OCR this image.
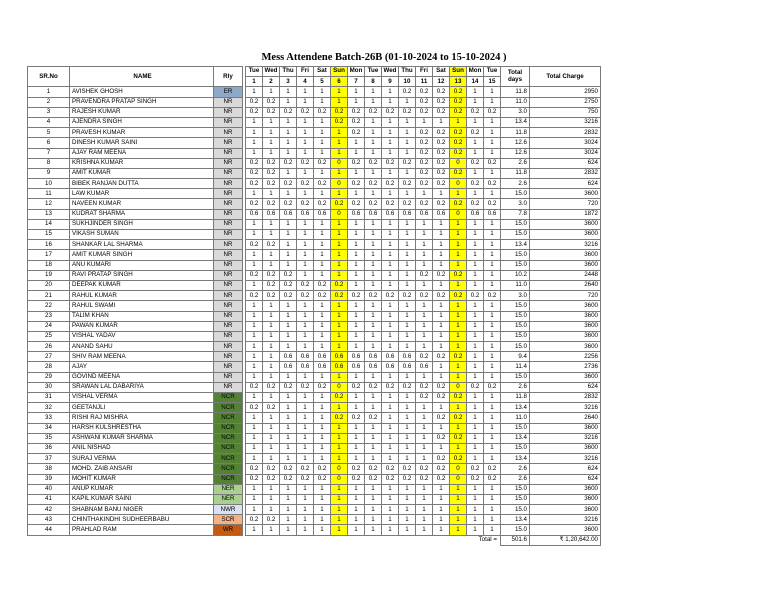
Mess Attendene Batch-26B (01-10-2024 to 15-10-2024 )
SR.No	NAME	Rly		Tue	Wed	Thu	Fri	Sat	Sun	Mon	Tue	Wed	Thu	Fri	Sat	Sun	Mon	Tue	Total days	Total Charge
				1	2	3	4	5	6	7	8	9	10	11	12	13	14	15		
1	AVISHEK GHOSH	ER		1	1	1	1	1	1	1	1	1	0.2	0.2	0.2	0.2	1	1	11.8	2950
2	PRAVENDRA PRATAP SINGH	NR		0.2	0.2	1	1	1	1	1	1	1	1	0.2	0.2	0.2	1	1	11.0	2750
3	RAJESH KUMAR	NR		0.2	0.2	0.2	0.2	0.2	0.2	0.2	0.2	0.2	0.2	0.2	0.2	0.2	0.2	0.2	3.0	750
4	AJENDRA SINGH	NR		1	1	1	1	1	0.2	0.2	1	1	1	1	1	1	1	1	13.4	3216
5	PRAVESH KUMAR	NR		1	1	1	1	1	1	0.2	1	1	1	0.2	0.2	0.2	0.2	1	11.8	2832
6	DINESH KUMAR SAINI	NR		1	1	1	1	1	1	1	1	1	1	0.2	0.2	0.2	1	1	12.6	3024
7	AJAY RAM MEENA	NR		1	1	1	1	1	1	1	1	1	1	0.2	0.2	0.2	1	1	12.6	3024
8	KRISHNA KUMAR	NR		0.2	0.2	0.2	0.2	0.2	0	0.2	0.2	0.2	0.2	0.2	0.2	0	0.2	0.2	2.6	624
9	AMIT KUMAR	NR		0.2	0.2	1	1	1	1	1	1	1	1	0.2	0.2	0.2	1	1	11.8	2832
10	BIBEK RANJAN DUTTA	NR		0.2	0.2	0.2	0.2	0.2	0	0.2	0.2	0.2	0.2	0.2	0.2	0	0.2	0.2	2.6	624
11	LAW KUMAR	NR		1	1	1	1	1	1	1	1	1	1	1	1	1	1	1	15.0	3600
12	NAVEEN KUMAR	NR		0.2	0.2	0.2	0.2	0.2	0.2	0.2	0.2	0.2	0.2	0.2	0.2	0.2	0.2	0.2	3.0	720
13	KUDRAT SHARMA	NR		0.6	0.6	0.6	0.6	0.6	0	0.6	0.6	0.6	0.6	0.6	0.6	0	0.6	0.6	7.8	1872
14	SUKHJINDER SINGH	NR		1	1	1	1	1	1	1	1	1	1	1	1	1	1	1	15.0	3600
15	VIKASH SUMAN	NR		1	1	1	1	1	1	1	1	1	1	1	1	1	1	1	15.0	3600
16	SHANKAR LAL SHARMA	NR		0.2	0.2	1	1	1	1	1	1	1	1	1	1	1	1	1	13.4	3216
17	AMIT KUMAR SINGH	NR		1	1	1	1	1	1	1	1	1	1	1	1	1	1	1	15.0	3600
18	ANU KUMARI	NR		1	1	1	1	1	1	1	1	1	1	1	1	1	1	1	15.0	3600
19	RAVI PRATAP SINGH	NR		0.2	0.2	0.2	1	1	1	1	1	1	1	0.2	0.2	0.2	1	1	10.2	2448
20	DEEPAK KUMAR	NR		1	0.2	0.2	0.2	0.2	0.2	1	1	1	1	1	1	1	1	1	11.0	2640
21	RAHUL KUMAR	NR		0.2	0.2	0.2	0.2	0.2	0.2	0.2	0.2	0.2	0.2	0.2	0.2	0.2	0.2	0.2	3.0	720
22	RAHUL SWAMI	NR		1	1	1	1	1	1	1	1	1	1	1	1	1	1	1	15.0	3600
23	TALIM KHAN	NR		1	1	1	1	1	1	1	1	1	1	1	1	1	1	1	15.0	3600
24	PAWAN KUMAR	NR		1	1	1	1	1	1	1	1	1	1	1	1	1	1	1	15.0	3600
25	VISHAL YADAV	NR		1	1	1	1	1	1	1	1	1	1	1	1	1	1	1	15.0	3600
26	ANAND SAHU	NR		1	1	1	1	1	1	1	1	1	1	1	1	1	1	1	15.0	3600
27	SHIV RAM MEENA	NR		1	1	0.6	0.6	0.6	0.6	0.6	0.6	0.6	0.6	0.2	0.2	0.2	1	1	9.4	2256
28	AJAY	NR		1	1	0.6	0.6	0.6	0.6	0.6	0.6	0.6	0.6	0.6	1	1	1	1	11.4	2736
29	GOVIND MEENA	NR		1	1	1	1	1	1	1	1	1	1	1	1	1	1	1	15.0	3600
30	SRAWAN LAL DABARIYA	NR		0.2	0.2	0.2	0.2	0.2	0	0.2	0.2	0.2	0.2	0.2	0.2	0	0.2	0.2	2.6	624
31	VISHAL VERMA	NCR		1	1	1	1	1	0.2	1	1	1	1	0.2	0.2	0.2	1	1	11.8	2832
32	GEETANJLI	NCR		0.2	0.2	1	1	1	1	1	1	1	1	1	1	1	1	1	13.4	3216
33	RISHI RAJ MISHRA	NCR		1	1	1	1	1	0.2	0.2	0.2	1	1	1	0.2	0.2	1	1	11.0	2640
34	HARSH KULSHRESTHA	NCR		1	1	1	1	1	1	1	1	1	1	1	1	1	1	1	15.0	3600
35	ASHWANI KUMAR SHARMA	NCR		1	1	1	1	1	1	1	1	1	1	1	0.2	0.2	1	1	13.4	3216
36	ANIL NISHAD	NCR		1	1	1	1	1	1	1	1	1	1	1	1	1	1	1	15.0	3600
37	SURAJ VERMA	NCR		1	1	1	1	1	1	1	1	1	1	1	0.2	0.2	1	1	13.4	3216
38	MOHD. ZAIB ANSARI	NCR		0.2	0.2	0.2	0.2	0.2	0	0.2	0.2	0.2	0.2	0.2	0.2	0	0.2	0.2	2.6	624
39	MOHIT KUMAR	NCR		0.2	0.2	0.2	0.2	0.2	0	0.2	0.2	0.2	0.2	0.2	0.2	0	0.2	0.2	2.6	624
40	ANUP KUMAR	NER		1	1	1	1	1	1	1	1	1	1	1	1	1	1	1	15.0	3600
41	KAPIL KUMAR SAINI	NER		1	1	1	1	1	1	1	1	1	1	1	1	1	1	1	15.0	3600
42	SHABNAM BANU NIGER	NWR		1	1	1	1	1	1	1	1	1	1	1	1	1	1	1	15.0	3600
43	CHINTHAKINDHI SUDHEERBABU	SCR		0.2	0.2	1	1	1	1	1	1	1	1	1	1	1	1	1	13.4	3216
44	PRAHLAD RAM	WR		1	1	1	1	1	1	1	1	1	1	1	1	1	1	1	15.0	3600
				Total =															501.6	₹ 1,20,642.00
